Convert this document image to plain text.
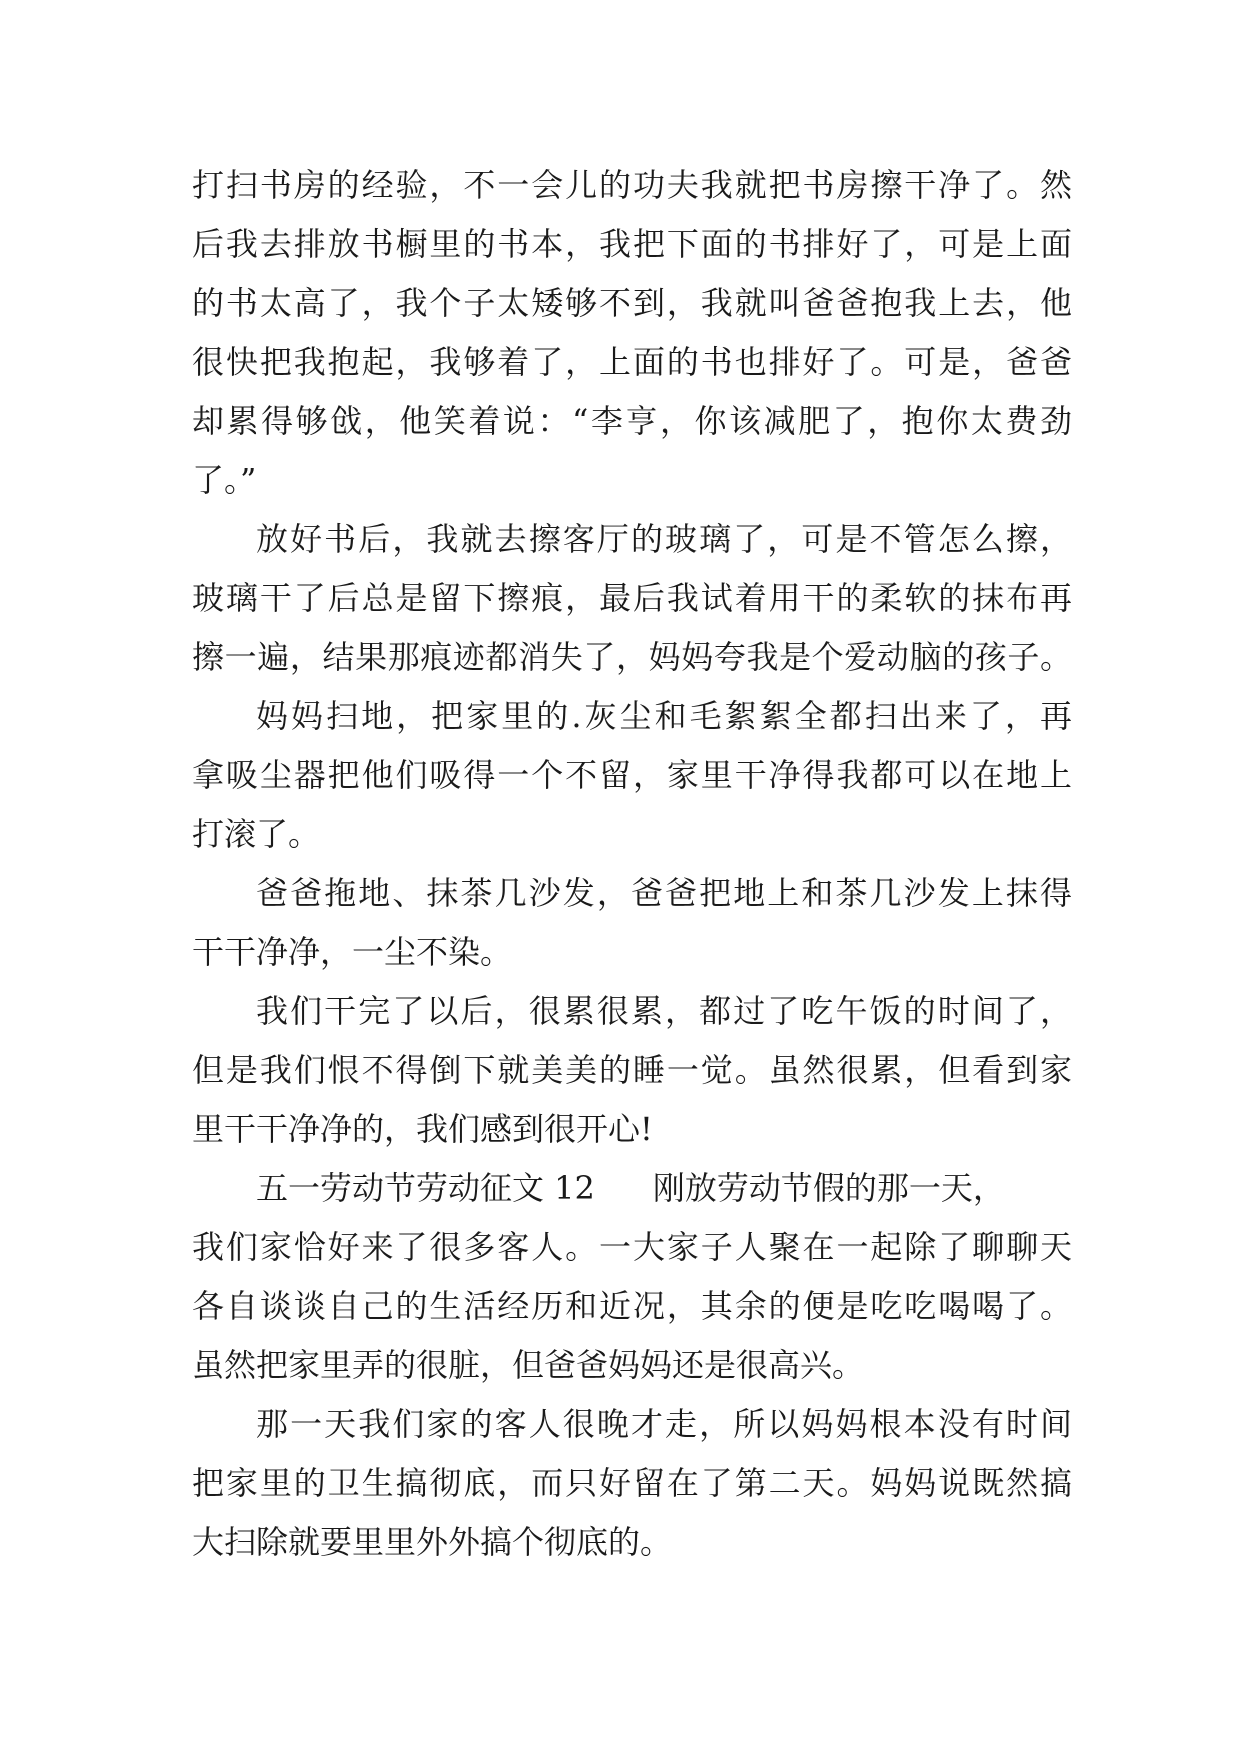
打扫书房的经验，不一会儿的功夫我就把书房擦干净了。然
后我去排放书橱里的书本，我把下面的书排好了，可是上面
的书太高了，我个子太矮够不到，我就叫爸爸抱我上去，他
很快把我抱起，我够着了，上面的书也排好了。可是，爸爸
却累得够戗，他笑着说：“李亨，你该减肥了，抱你太费劲
了。”
放好书后，我就去擦客厅的玻璃了，可是不管怎么擦，
玻璃干了后总是留下擦痕，最后我试着用干的柔软的抹布再
擦一遍，结果那痕迹都消失了，妈妈夸我是个爱动脑的孩子。
妈妈扫地，把家里的.灰尘和毛絮絮全都扫出来了，再
拿吸尘器把他们吸得一个不留，家里干净得我都可以在地上
打滚了。
爸爸拖地、抹茶几沙发，爸爸把地上和茶几沙发上抹得
干干净净，一尘不染。
我们干完了以后，很累很累，都过了吃午饭的时间了，
但是我们恨不得倒下就美美的睡一觉。虽然很累，但看到家
里干干净净的，我们感到很开心!
五一劳动节劳动征文 12 刚放劳动节假的那一天，
我们家恰好来了很多客人。一大家子人聚在一起除了聊聊天
各自谈谈自己的生活经历和近况，其余的便是吃吃喝喝了。
虽然把家里弄的很脏，但爸爸妈妈还是很高兴。
那一天我们家的客人很晚才走，所以妈妈根本没有时间
把家里的卫生搞彻底，而只好留在了第二天。妈妈说既然搞
大扫除就要里里外外搞个彻底的。
